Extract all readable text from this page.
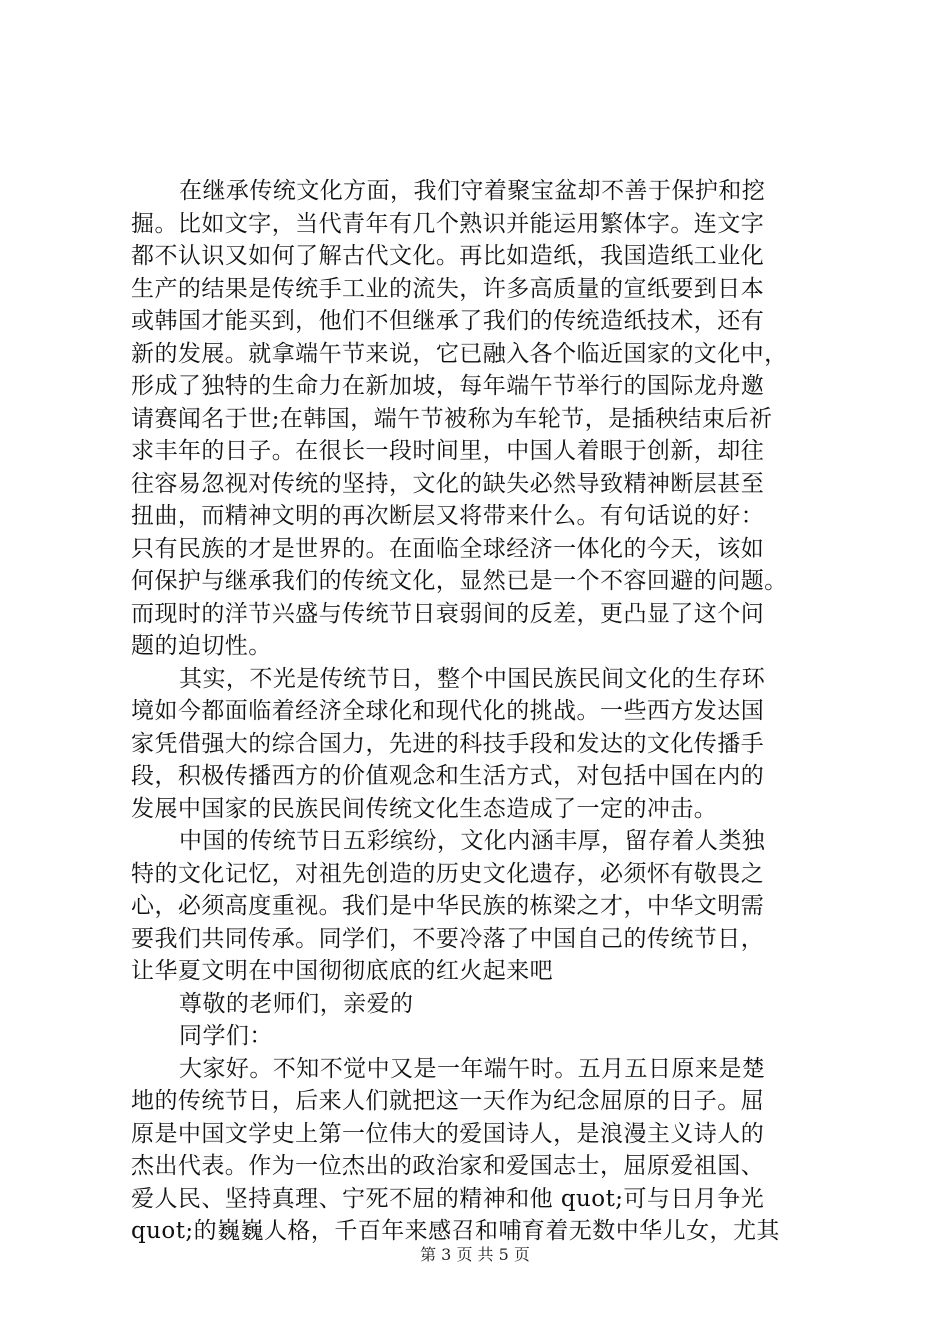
在继承传统文化方面，我们守着聚宝盆却不善于保护和挖
掘。比如文字，当代青年有几个熟识并能运用繁体字。连文字
都不认识又如何了解古代文化。再比如造纸，我国造纸工业化
生产的结果是传统手工业的流失，许多高质量的宣纸要到日本
或韩国才能买到，他们不但继承了我们的传统造纸技术，还有
新的发展。就拿端午节来说，它已融入各个临近国家的文化中，
形成了独特的生命力在新加坡，每年端午节举行的国际龙舟邀
请赛闻名于世;在韩国，端午节被称为车轮节，是插秧结束后祈
求丰年的日子。在很长一段时间里，中国人着眼于创新，却往
往容易忽视对传统的坚持，文化的缺失必然导致精神断层甚至
扭曲，而精神文明的再次断层又将带来什么。有句话说的好：
只有民族的才是世界的。在面临全球经济一体化的今天，该如
何保护与继承我们的传统文化，显然已是一个不容回避的问题。
而现时的洋节兴盛与传统节日衰弱间的反差，更凸显了这个问
题的迫切性。
其实，不光是传统节日，整个中国民族民间文化的生存环
境如今都面临着经济全球化和现代化的挑战。一些西方发达国
家凭借强大的综合国力，先进的科技手段和发达的文化传播手
段，积极传播西方的价值观念和生活方式，对包括中国在内的
发展中国家的民族民间传统文化生态造成了一定的冲击。
中国的传统节日五彩缤纷，文化内涵丰厚，留存着人类独
特的文化记忆，对祖先创造的历史文化遗存，必须怀有敬畏之
心，必须高度重视。我们是中华民族的栋梁之才，中华文明需
要我们共同传承。同学们，不要冷落了中国自己的传统节日，
让华夏文明在中国彻彻底底的红火起来吧
尊敬的老师们，亲爱的
同学们：
大家好。不知不觉中又是一年端午时。五月五日原来是楚
地的传统节日，后来人们就把这一天作为纪念屈原的日子。屈
原是中国文学史上第一位伟大的爱国诗人，是浪漫主义诗人的
杰出代表。作为一位杰出的政治家和爱国志士，屈原爱祖国、
爱人民、坚持真理、宁死不屈的精神和他 quot;可与日月争光
quot;的巍巍人格，千百年来感召和哺育着无数中华儿女，尤其
第 3 页 共 5 页
